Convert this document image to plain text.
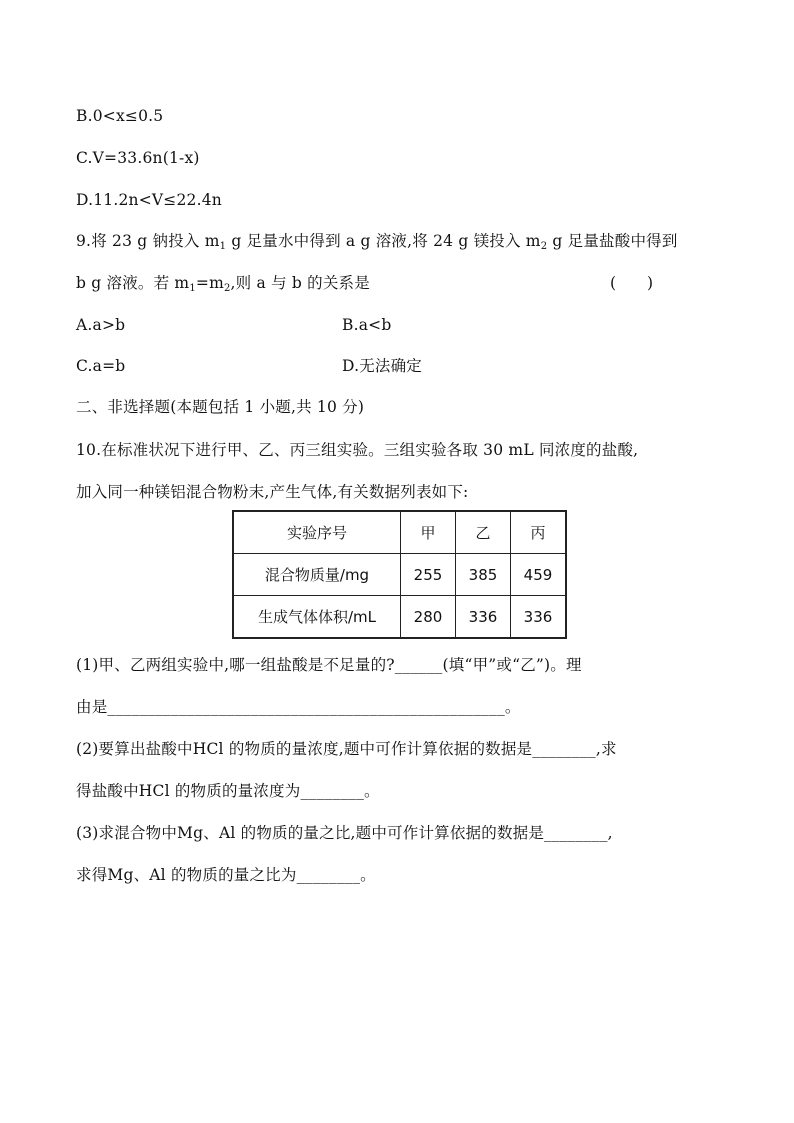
B.0<x≤0.5
C.V=33.6n(1-x)
D.11.2n<V≤22.4n
9.将 23 g 钠投入 $m_1$ g 足量水中得到 a g 溶液,将 24 g 镁投入 $m_2$ g 足量盐酸中得到
b g 溶液。若 $m_1=m_2$,则 a 与 b 的关系是	(      )
A.a>b	B.a<b
C.a=b	D.无法确定
二、非选择题(本题包括 1 小题,共 10 分)
10.在标准状况下进行甲、乙、丙三组实验。三组实验各取 30 mL 同浓度的盐酸,
加入同一种镁铝混合物粉末,产生气体,有关数据列表如下:
实验序号	甲	乙	丙
混合物质量/mg	255	385	459
生成气体体积/mL	280	336	336
(1)甲、乙两组实验中,哪一组盐酸是不足量的?______(填“甲”或“乙”)。理
由是__________________________________________________。
(2)要算出盐酸中HCl 的物质的量浓度,题中可作计算依据的数据是________,求
得盐酸中HCl 的物质的量浓度为________。
(3)求混合物中Mg、Al 的物质的量之比,题中可作计算依据的数据是________,
求得Mg、Al 的物质的量之比为________。
